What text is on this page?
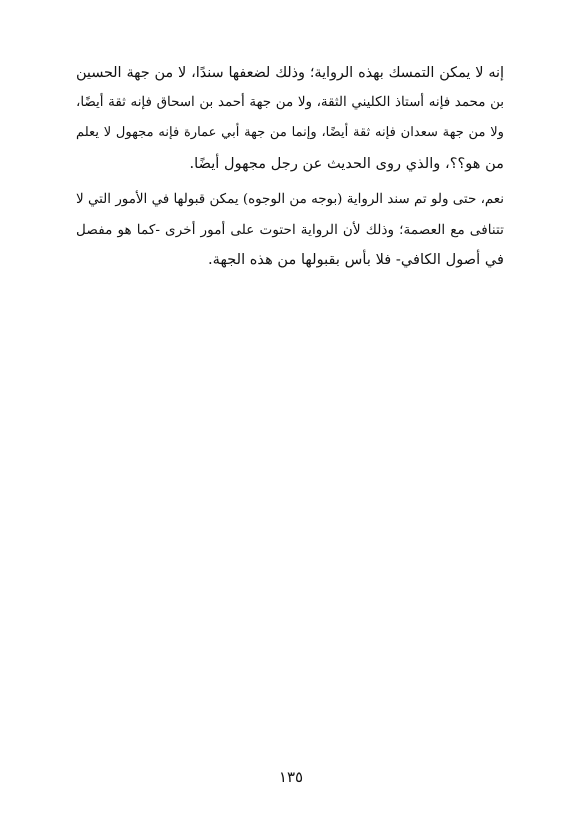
إنه لا يمكن التمسك بهذه الرواية؛ وذلك لضعفها سندًا، لا من جهة الحسين
بن محمد فإنه أستاذ الكليني الثقة، ولا من جهة أحمد بن اسحاق فإنه ثقة أيضًا،
ولا من جهة سعدان فإنه ثقة أيضًا، وإنما من جهة أبي عمارة فإنه مجهول لا يعلم
من هو؟؟، والذي روى الحديث عن رجل مجهول أيضًا.

نعم، حتى ولو تم سند الرواية (بوجه من الوجوه) يمكن قبولها في الأمور التي لا
تتنافى مع العصمة؛ وذلك لأن الرواية احتوت على أمور أخرى -كما هو مفصل
في أصول الكافي- فلا بأس بقبولها من هذه الجهة.

١٣٥
